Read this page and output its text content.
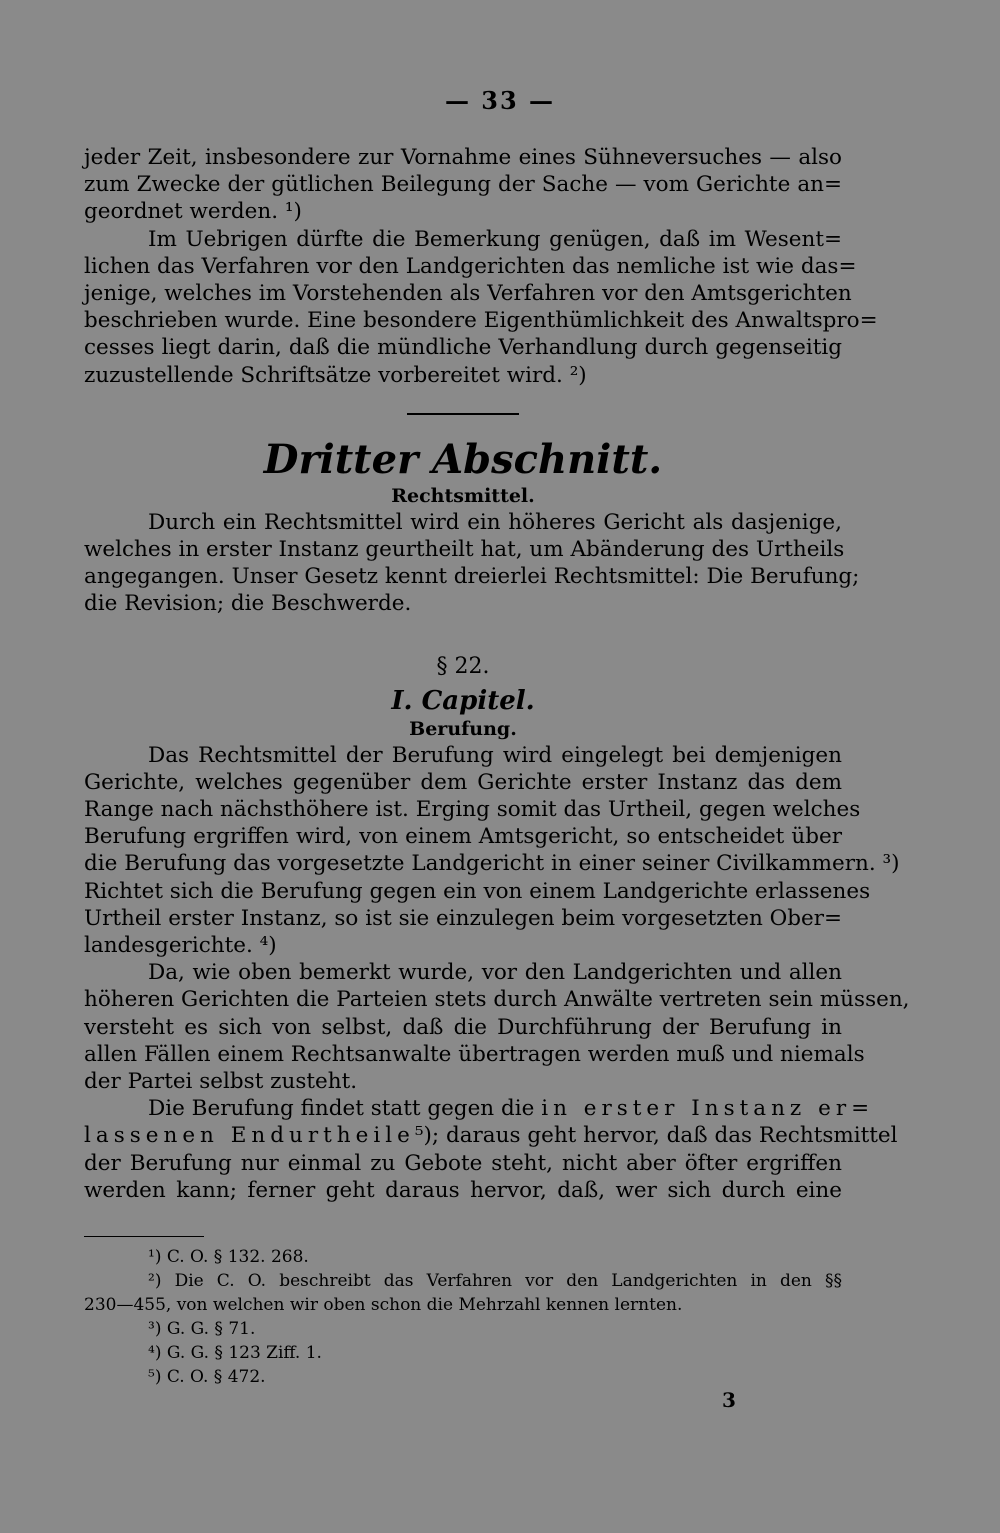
— 33 —
jeder Zeit, insbesondere zur Vornahme eines Sühneversuches — also
zum Zwecke der gütlichen Beilegung der Sache — vom Gerichte an=
geordnet werden. ¹)
Im Uebrigen dürfte die Bemerkung genügen, daß im Wesent=
lichen das Verfahren vor den Landgerichten das nemliche ist wie das=
jenige, welches im Vorstehenden als Verfahren vor den Amtsgerichten
beschrieben wurde. Eine besondere Eigenthümlichkeit des Anwaltspro=
cesses liegt darin, daß die mündliche Verhandlung durch gegenseitig
zuzustellende Schriftsätze vorbereitet wird. ²)
Dritter Abschnitt.
Rechtsmittel.
Durch ein Rechtsmittel wird ein höheres Gericht als dasjenige,
welches in erster Instanz geurtheilt hat, um Abänderung des Urtheils
angegangen. Unser Gesetz kennt dreierlei Rechtsmittel: Die Berufung;
die Revision; die Beschwerde.
§ 22.
I. Capitel.
Berufung.
Das Rechtsmittel der Berufung wird eingelegt bei demjenigen
Gerichte, welches gegenüber dem Gerichte erster Instanz das dem
Range nach nächsthöhere ist. Erging somit das Urtheil, gegen welches
Berufung ergriffen wird, von einem Amtsgericht, so entscheidet über
die Berufung das vorgesetzte Landgericht in einer seiner Civilkammern. ³)
Richtet sich die Berufung gegen ein von einem Landgerichte erlassenes
Urtheil erster Instanz, so ist sie einzulegen beim vorgesetzten Ober=
landesgerichte. ⁴)
Da, wie oben bemerkt wurde, vor den Landgerichten und allen
höheren Gerichten die Parteien stets durch Anwälte vertreten sein müssen,
versteht es sich von selbst, daß die Durchführung der Berufung in
allen Fällen einem Rechtsanwalte übertragen werden muß und niemals
der Partei selbst zusteht.
Die Berufung findet statt gegen die in erster Instanz er=
lassenen Endurtheile⁵); daraus geht hervor, daß das Rechtsmittel
der Berufung nur einmal zu Gebote steht, nicht aber öfter ergriffen
werden kann; ferner geht daraus hervor, daß, wer sich durch eine
¹) C. O. § 132. 268.
²) Die C. O. beschreibt das Verfahren vor den Landgerichten in den §§
230—455, von welchen wir oben schon die Mehrzahl kennen lernten.
³) G. G. § 71.
⁴) G. G. § 123 Ziff. 1.
⁵) C. O. § 472.
3
